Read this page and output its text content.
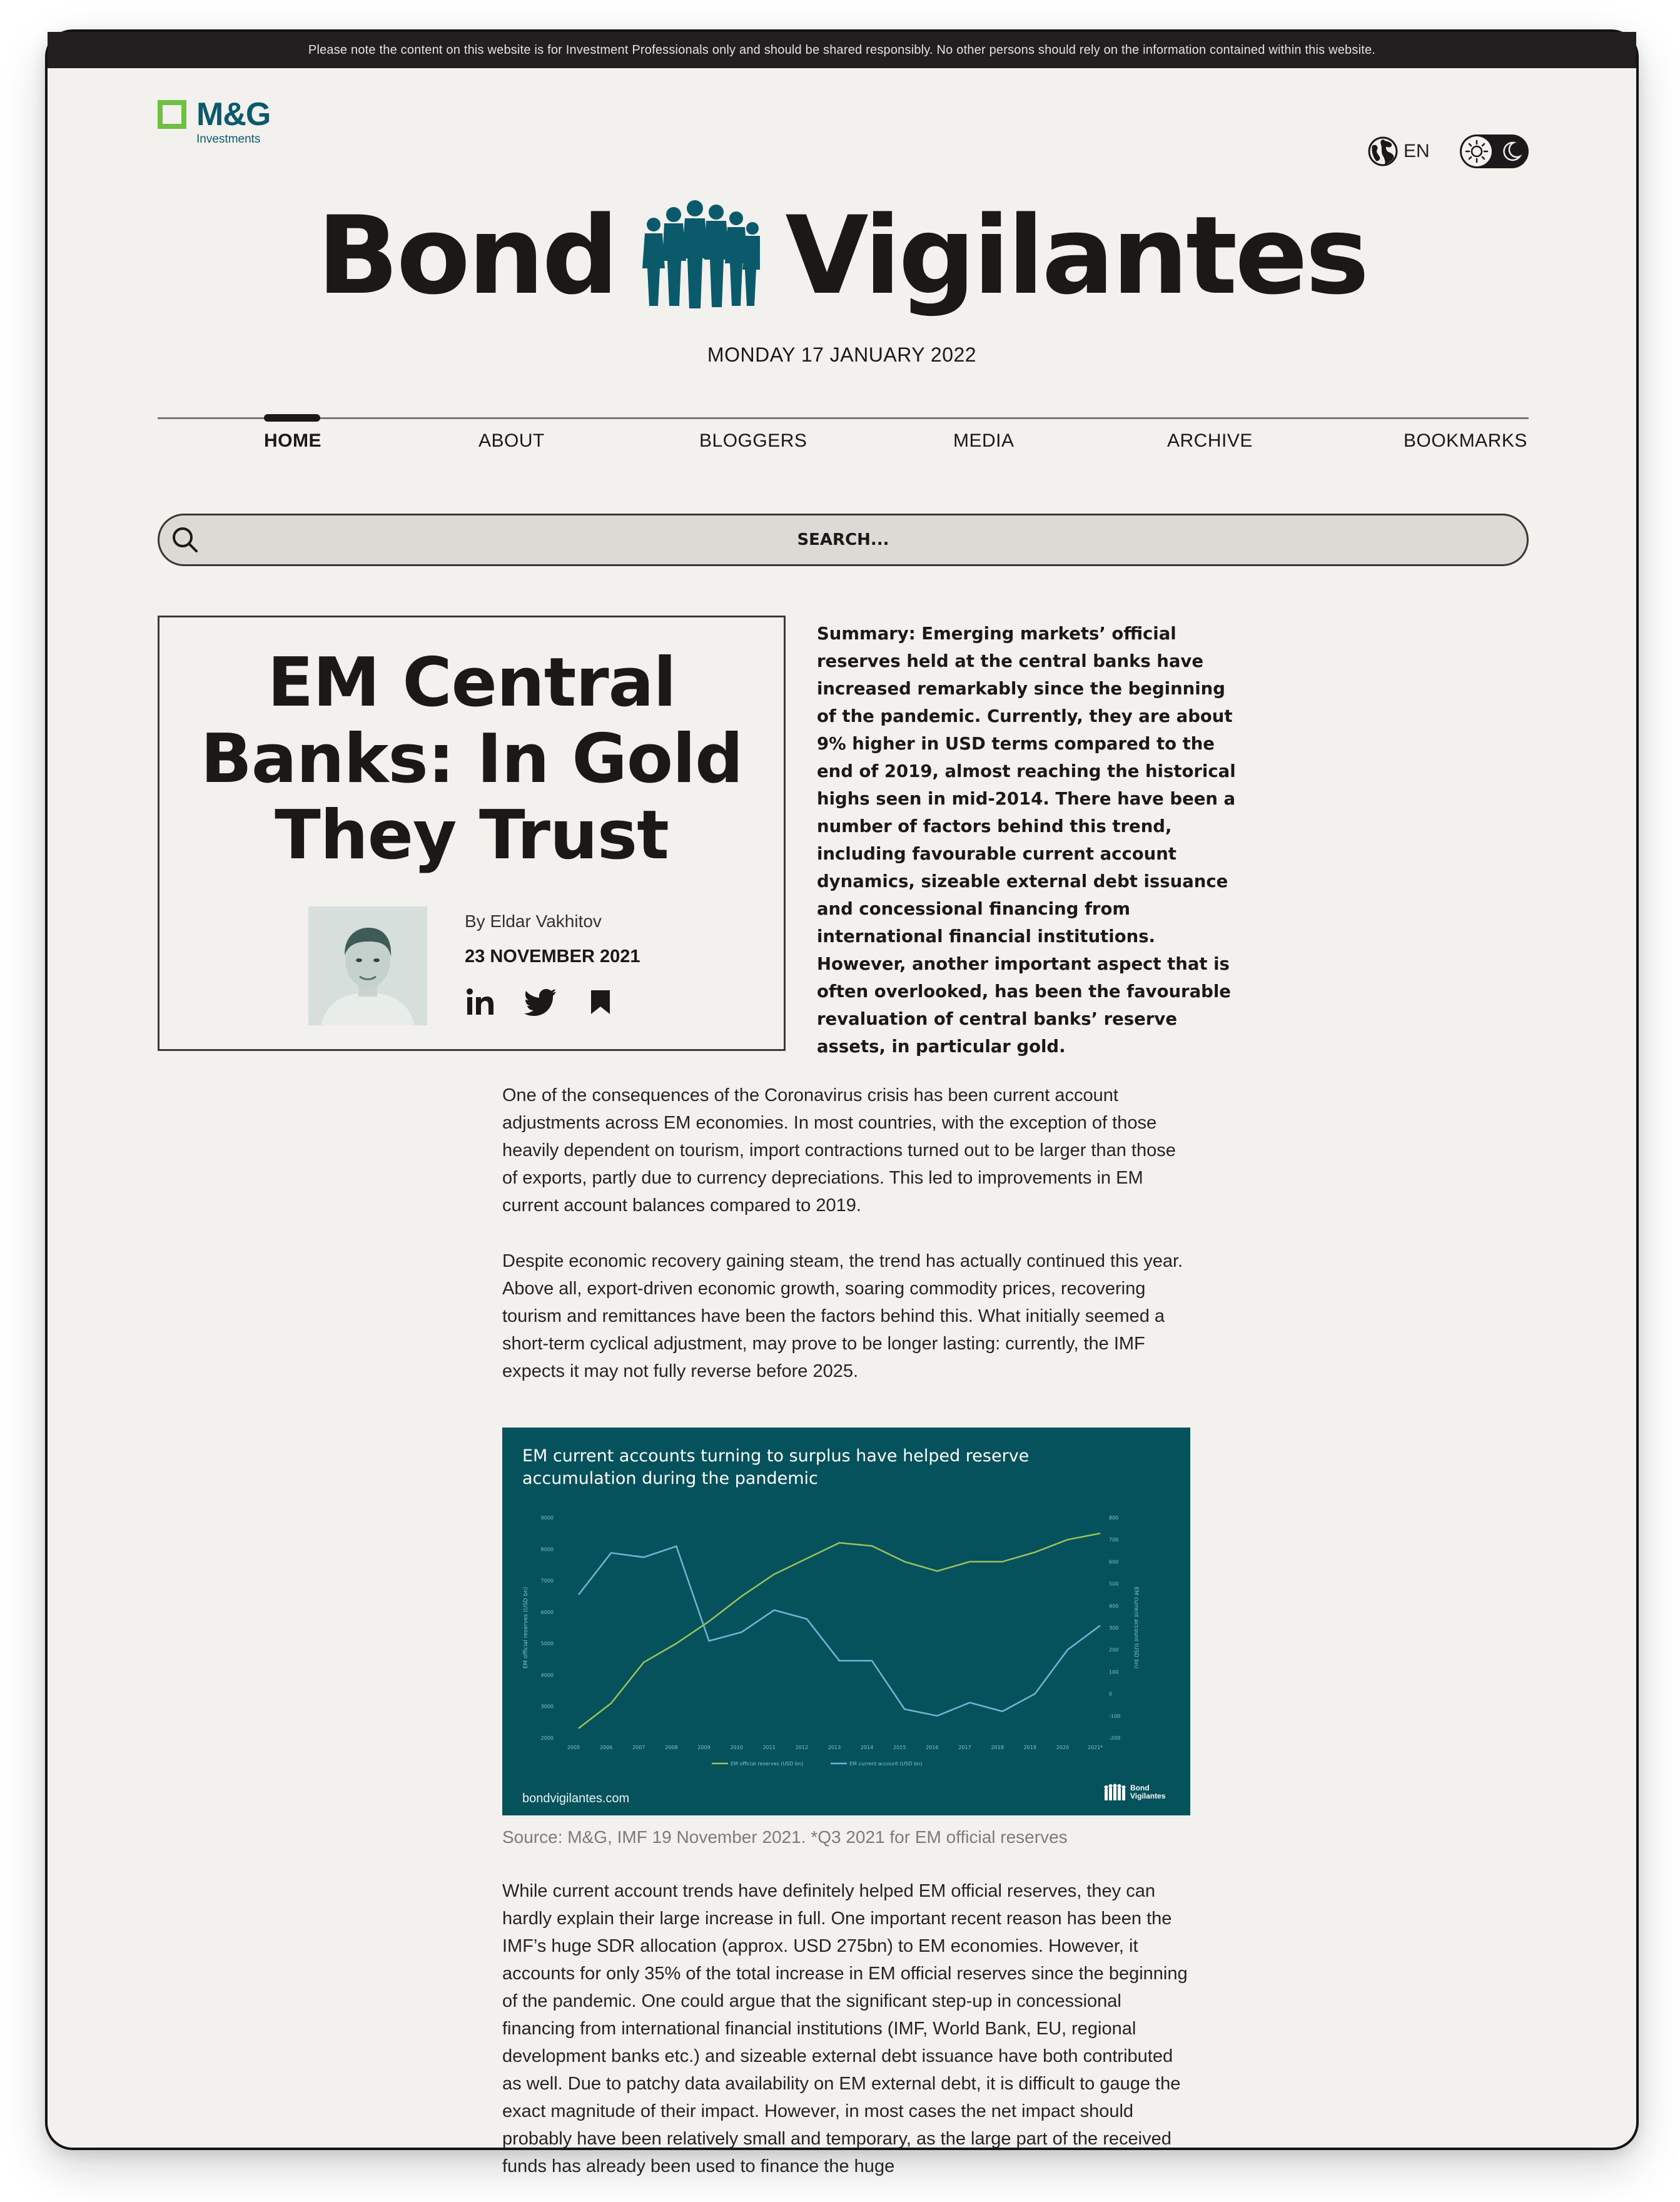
Please note the content on this website is for Investment Professionals only and should be shared responsibly. No other persons should rely on the information contained within this website.
M&G
Investments
EN
Bond Vigilantes
MONDAY 17 JANUARY 2022
HOME	ABOUT	BLOGGERS	MEDIA	ARCHIVE	BOOKMARKS
SEARCH...
EM Central Banks: In Gold They Trust
By Eldar Vakhitov
23 NOVEMBER 2021
Summary: Emerging markets’ official reserves held at the central banks have increased remarkably since the beginning of the pandemic. Currently, they are about 9% higher in USD terms compared to the end of 2019, almost reaching the historical highs seen in mid-2014. There have been a number of factors behind this trend, including favourable current account dynamics, sizeable external debt issuance and concessional financing from international financial institutions. However, another important aspect that is often overlooked, has been the favourable revaluation of central banks’ reserve assets, in particular gold.

One of the consequences of the Coronavirus crisis has been current account adjustments across EM economies. In most countries, with the exception of those heavily dependent on tourism, import contractions turned out to be larger than those of exports, partly due to currency depreciations. This led to improvements in EM current account balances compared to 2019.

Despite economic recovery gaining steam, the trend has actually continued this year. Above all, export-driven economic growth, soaring commodity prices, recovering tourism and remittances have been the factors behind this. What initially seemed a short-term cyclical adjustment, may prove to be longer lasting: currently, the IMF expects it may not fully reverse before 2025.

EM current accounts turning to surplus have helped reserve accumulation during the pandemic
2000
3000
4000
5000
6000
7000
8000
9000
-200
-100
0
100
200
300
400
500
600
700
800
2005	2006	2007	2008	2009	2010	2011	2012	2013	2014	2015	2016	2017	2018	2019	2020	2021*
EM official reserves (USD bn)	EM current account (USD bn)
EM official reserves (USD bn)	EM current account (USD bn)
bondvigilantes.com
Bond Vigilantes
Source: M&G, IMF 19 November 2021. *Q3 2021 for EM official reserves

While current account trends have definitely helped EM official reserves, they can hardly explain their large increase in full. One important recent reason has been the IMF’s huge SDR allocation (approx. USD 275bn) to EM economies. However, it accounts for only 35% of the total increase in EM official reserves since the beginning of the pandemic. One could argue that the significant step-up in concessional financing from international financial institutions (IMF, World Bank, EU, regional development banks etc.) and sizeable external debt issuance have both contributed as well. Due to patchy data availability on EM external debt, it is difficult to gauge the exact magnitude of their impact. However, in most cases the net impact should probably have been relatively small and temporary, as the large part of the received funds has already been used to finance the huge
